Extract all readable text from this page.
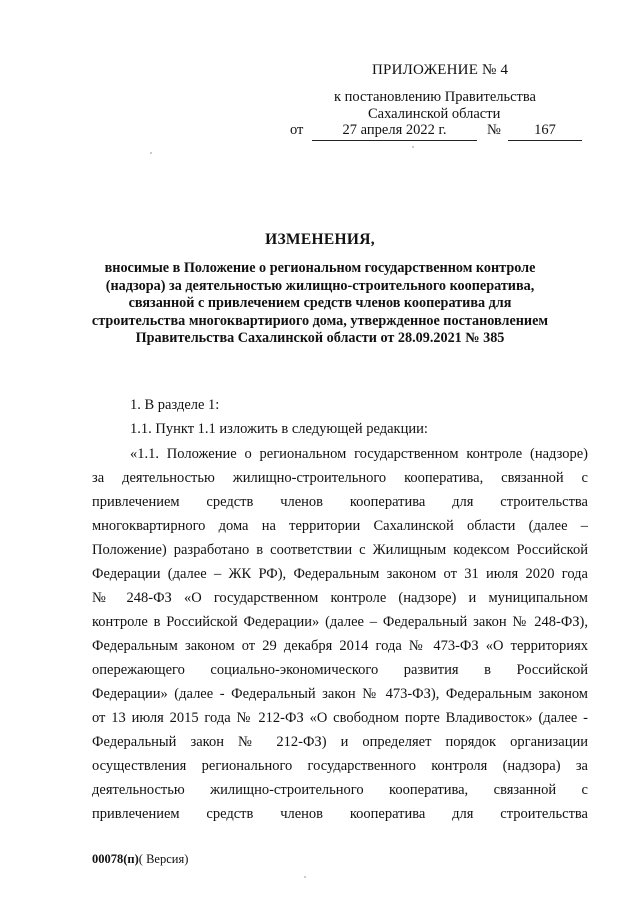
ПРИЛОЖЕНИЕ № 4
к постановлению Правительства
Сахалинской области
от	27 апреля 2022 г.	№	167
ИЗМЕНЕНИЯ,
вносимые в Положение о региональном государственном контроле
(надзора) за деятельностью жилищно-строительного кооператива,
связанной с привлечением средств членов кооператива для
строительства многоквартириого дома, утвержденное постановлением
Правительства Сахалинской области от 28.09.2021 № 385
1. В разделе 1:
1.1. Пункт 1.1 изложить в следующей редакции:
«1.1. Положение о региональном государственном контроле (надзоре)
за деятельностью жилищно-строительного кооператива, связанной с
привлечением средств членов кооператива для строительства
многоквартирного дома на территории Сахалинской области (далее –
Положение) разработано в соответствии с Жилищным кодексом Российской
Федерации (далее – ЖК РФ), Федеральным законом от 31 июля 2020 года
№ 248-ФЗ «О государственном контроле (надзоре) и муниципальном
контроле в Российской Федерации» (далее – Федеральный закон № 248-ФЗ),
Федеральным законом от 29 декабря 2014 года № 473-ФЗ «О территориях
опережающего социально-экономического развития в Российской
Федерации» (далее - Федеральный закон № 473-ФЗ), Федеральным законом
от 13 июля 2015 года № 212-ФЗ «О свободном порте Владивосток» (далее -
Федеральный закон № 212-ФЗ) и определяет порядок организации
осуществления регионального государственного контроля (надзора) за
деятельностью жилищно-строительного кооператива, связанной с
привлечением средств членов кооператива для строительства
00078(п)( Версия)
